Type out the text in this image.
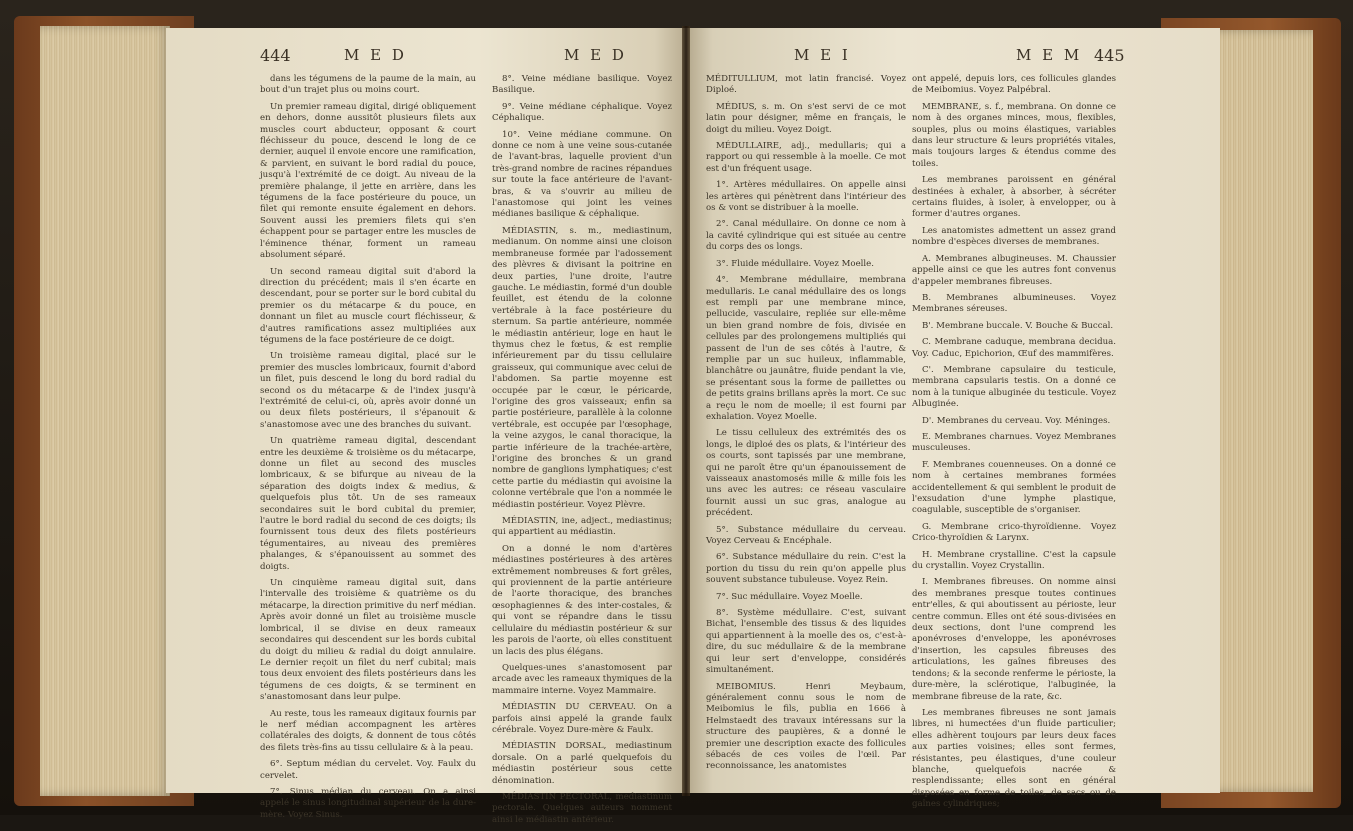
444	M E D	M E D

dans les tégumens de la paume de la main, au bout d'un trajet plus ou moins court.

Un premier rameau digital, dirigé obliquement en dehors, donne aussitôt plusieurs filets aux muscles court abducteur, opposant & court fléchisseur du pouce, descend le long de ce dernier, auquel il envoie encore une ramification, & parvient, en suivant le bord radial du pouce, jusqu'à l'extrémité de ce doigt. Au niveau de la première phalange, il jette en arrière, dans les tégumens de la face postérieure du pouce, un filet qui remonte ensuite également en dehors. Souvent aussi les premiers filets qui s'en échappent pour se partager entre les muscles de l'éminence thénar, forment un rameau absolument séparé.

Un second rameau digital suit d'abord la direction du précédent; mais il s'en écarte en descendant, pour se porter sur le bord cubital du premier os du métacarpe & du pouce, en donnant un filet au muscle court fléchisseur, & d'autres ramifications assez multipliées aux tégumens de la face postérieure de ce doigt.

Un troisième rameau digital, placé sur le premier des muscles lombricaux, fournit d'abord un filet, puis descend le long du bord radial du second os du métacarpe & de l'index jusqu'à l'extrémité de celui-ci, où, après avoir donné un ou deux filets postérieurs, il s'épanouit & s'anastomose avec une des branches du suivant.

Un quatrième rameau digital, descendant entre les deuxième & troisième os du métacarpe, donne un filet au second des muscles lombricaux, & se bifurque au niveau de la séparation des doigts index & medius, & quelquefois plus tôt. Un de ses rameaux secondaires suit le bord cubital du premier, l'autre le bord radial du second de ces doigts; ils fournissent tous deux des filets postérieurs tégumentaires, au niveau des premières phalanges, & s'épanouissent au sommet des doigts.

Un cinquième rameau digital suit, dans l'intervalle des troisième & quatrième os du métacarpe, la direction primitive du nerf médian. Après avoir donné un filet au troisième muscle lombrical, il se divise en deux rameaux secondaires qui descendent sur les bords cubital du doigt du milieu & radial du doigt annulaire. Le dernier reçoit un filet du nerf cubital; mais tous deux envoient des filets postérieurs dans les tégumens de ces doigts, & se terminent en s'anastomosant dans leur pulpe.

Au reste, tous les rameaux digitaux fournis par le nerf médian accompagnent les artères collatérales des doigts, & donnent de tous côtés des filets très-fins au tissu cellulaire & à la peau.

6°. Septum médian du cervelet. Voy. Faulx du cervelet.

7°. Sinus médian du cerveau. On a ainsi appelé le sinus longitudinal supérieur de la dure-mère. Voyez Sinus.

8°. Veine médiane basilique. Voyez Basilique.

9°. Veine médiane céphalique. Voyez Céphalique.

10°. Veine médiane commune. On donne ce nom à une veine sous-cutanée de l'avant-bras, laquelle provient d'un très-grand nombre de racines répandues sur toute la face antérieure de l'avant-bras, & va s'ouvrir au milieu de l'anastomose qui joint les veines médianes basilique & céphalique.

MÉDIASTIN, s. m., mediastinum, medianum. On nomme ainsi une cloison membraneuse formée par l'adossement des plèvres & divisant la poitrine en deux parties, l'une droite, l'autre gauche. Le médiastin, formé d'un double feuillet, est étendu de la colonne vertébrale à la face postérieure du sternum. Sa partie antérieure, nommée le médiastin antérieur, loge en haut le thymus chez le fœtus, & est remplie inférieurement par du tissu cellulaire graisseux, qui communique avec celui de l'abdomen. Sa partie moyenne est occupée par le cœur, le péricarde, l'origine des gros vaisseaux; enfin sa partie postérieure, parallèle à la colonne vertébrale, est occupée par l'œsophage, la veine azygos, le canal thoracique, la partie inférieure de la trachée-artère, l'origine des bronches & un grand nombre de ganglions lymphatiques; c'est cette partie du médiastin qui avoisine la colonne vertébrale que l'on a nommée le médiastin postérieur. Voyez Plèvre.

MÉDIASTIN, ine, adject., mediastinus; qui appartient au médiastin.

On a donné le nom d'artères médiastines postérieures à des artères extrêmement nombreuses & fort grêles, qui proviennent de la partie antérieure de l'aorte thoracique, des branches œsophagiennes & des inter-costales, & qui vont se répandre dans le tissu cellulaire du médiastin postérieur & sur les parois de l'aorte, où elles constituent un lacis des plus élégans.

Quelques-unes s'anastomosent par arcade avec les rameaux thymiques de la mammaire interne. Voyez Mammaire.

MÉDIASTIN DU CERVEAU. On a parfois ainsi appelé la grande faulx cérébrale. Voyez Dure-mère & Faulx.

MÉDIASTIN DORSAL, mediastinum dorsale. On a parlé quelquefois du médiastin postérieur sous cette dénomination.

MÉDIASTIN PECTORAL, mediastinum pectorale. Quelques auteurs nomment ainsi le médiastin antérieur.

M E I	M E M 445

MÉDITULLIUM, mot latin francisé. Voyez Diploé.

MÉDIUS, s. m. On s'est servi de ce mot latin pour désigner, même en français, le doigt du milieu. Voyez Doigt.

MÉDULLAIRE, adj., medullaris; qui a rapport ou qui ressemble à la moelle. Ce mot est d'un fréquent usage.

1°. Artères médullaires. On appelle ainsi les artères qui pénètrent dans l'intérieur des os & vont se distribuer à la moelle.

2°. Canal médullaire. On donne ce nom à la cavité cylindrique qui est située au centre du corps des os longs.

3°. Fluide médullaire. Voyez Moelle.

4°. Membrane médullaire, membrana medullaris. Le canal médullaire des os longs est rempli par une membrane mince, pellucide, vasculaire, repliée sur elle-même un bien grand nombre de fois, divisée en cellules par des prolongemens multipliés qui passent de l'un de ses côtés à l'autre, & remplie par un suc huileux, inflammable, blanchâtre ou jaunâtre, fluide pendant la vie, se présentant sous la forme de paillettes ou de petits grains brillans après la mort. Ce suc a reçu le nom de moelle; il est fourni par exhalation. Voyez Moelle.

Le tissu celluleux des extrémités des os longs, le diploé des os plats, & l'intérieur des os courts, sont tapissés par une membrane, qui ne paroît être qu'un épanouissement de vaisseaux anastomosés mille & mille fois les uns avec les autres: ce réseau vasculaire fournit aussi un suc gras, analogue au précédent.

5°. Substance médullaire du cerveau. Voyez Cerveau & Encéphale.

6°. Substance médullaire du rein. C'est la portion du tissu du rein qu'on appelle plus souvent substance tubuleuse. Voyez Rein.

7°. Suc médullaire. Voyez Moelle.

8°. Système médullaire. C'est, suivant Bichat, l'ensemble des tissus & des liquides qui appartiennent à la moelle des os, c'est-à-dire, du suc médullaire & de la membrane qui leur sert d'enveloppe, considérés simultanément.

MEIBOMIUS. Henri Meybaum, généralement connu sous le nom de Meibomius le fils, publia en 1666 à Helmstaedt des travaux intéressans sur la structure des paupières, & a donné le premier une description exacte des follicules sébacés de ces voiles de l'œil. Par reconnoissance, les anatomistes

ont appelé, depuis lors, ces follicules glandes de Meibomius. Voyez Palpébral.

MEMBRANE, s. f., membrana. On donne ce nom à des organes minces, mous, flexibles, souples, plus ou moins élastiques, variables dans leur structure & leurs propriétés vitales, mais toujours larges & étendus comme des toiles.

Les membranes paroissent en général destinées à exhaler, à absorber, à sécréter certains fluides, à isoler, à envelopper, ou à former d'autres organes.

Les anatomistes admettent un assez grand nombre d'espèces diverses de membranes.

A. Membranes albugineuses. M. Chaussier appelle ainsi ce que les autres font convenus d'appeler membranes fibreuses.

B. Membranes albumineuses. Voyez Membranes séreuses.

B'. Membrane buccale. V. Bouche & Buccal.

C. Membrane caduque, membrana decidua. Voy. Caduc, Epichorion, Œuf des mammifères.

C'. Membrane capsulaire du testicule, membrana capsularis testis. On a donné ce nom à la tunique albuginée du testicule. Voyez Albuginée.

D'. Membranes du cerveau. Voy. Méninges.

E. Membranes charnues. Voyez Membranes musculeuses.

F. Membranes couenneuses. On a donné ce nom à certaines membranes formées accidentellement & qui semblent le produit de l'exsudation d'une lymphe plastique, coagulable, susceptible de s'organiser.

G. Membrane crico-thyroïdienne. Voyez Crico-thyroïdien & Larynx.

H. Membrane crystalline. C'est la capsule du crystallin. Voyez Crystallin.

I. Membranes fibreuses. On nomme ainsi des membranes presque toutes continues entr'elles, & qui aboutissent au périoste, leur centre commun. Elles ont été sous-divisées en deux sections, dont l'une comprend les aponévroses d'enveloppe, les aponévroses d'insertion, les capsules fibreuses des articulations, les gaînes fibreuses des tendons; & la seconde renferme le périoste, la dure-mère, la sclérotique, l'albuginée, la membrane fibreuse de la rate, &c.

Les membranes fibreuses ne sont jamais libres, ni humectées d'un fluide particulier; elles adhèrent toujours par leurs deux faces aux parties voisines; elles sont fermes, résistantes, peu élastiques, d'une couleur blanche, quelquefois nacrée & resplendissante; elles sont en général disposées en forme de toiles, de sacs ou de gaînes cylindriques;
